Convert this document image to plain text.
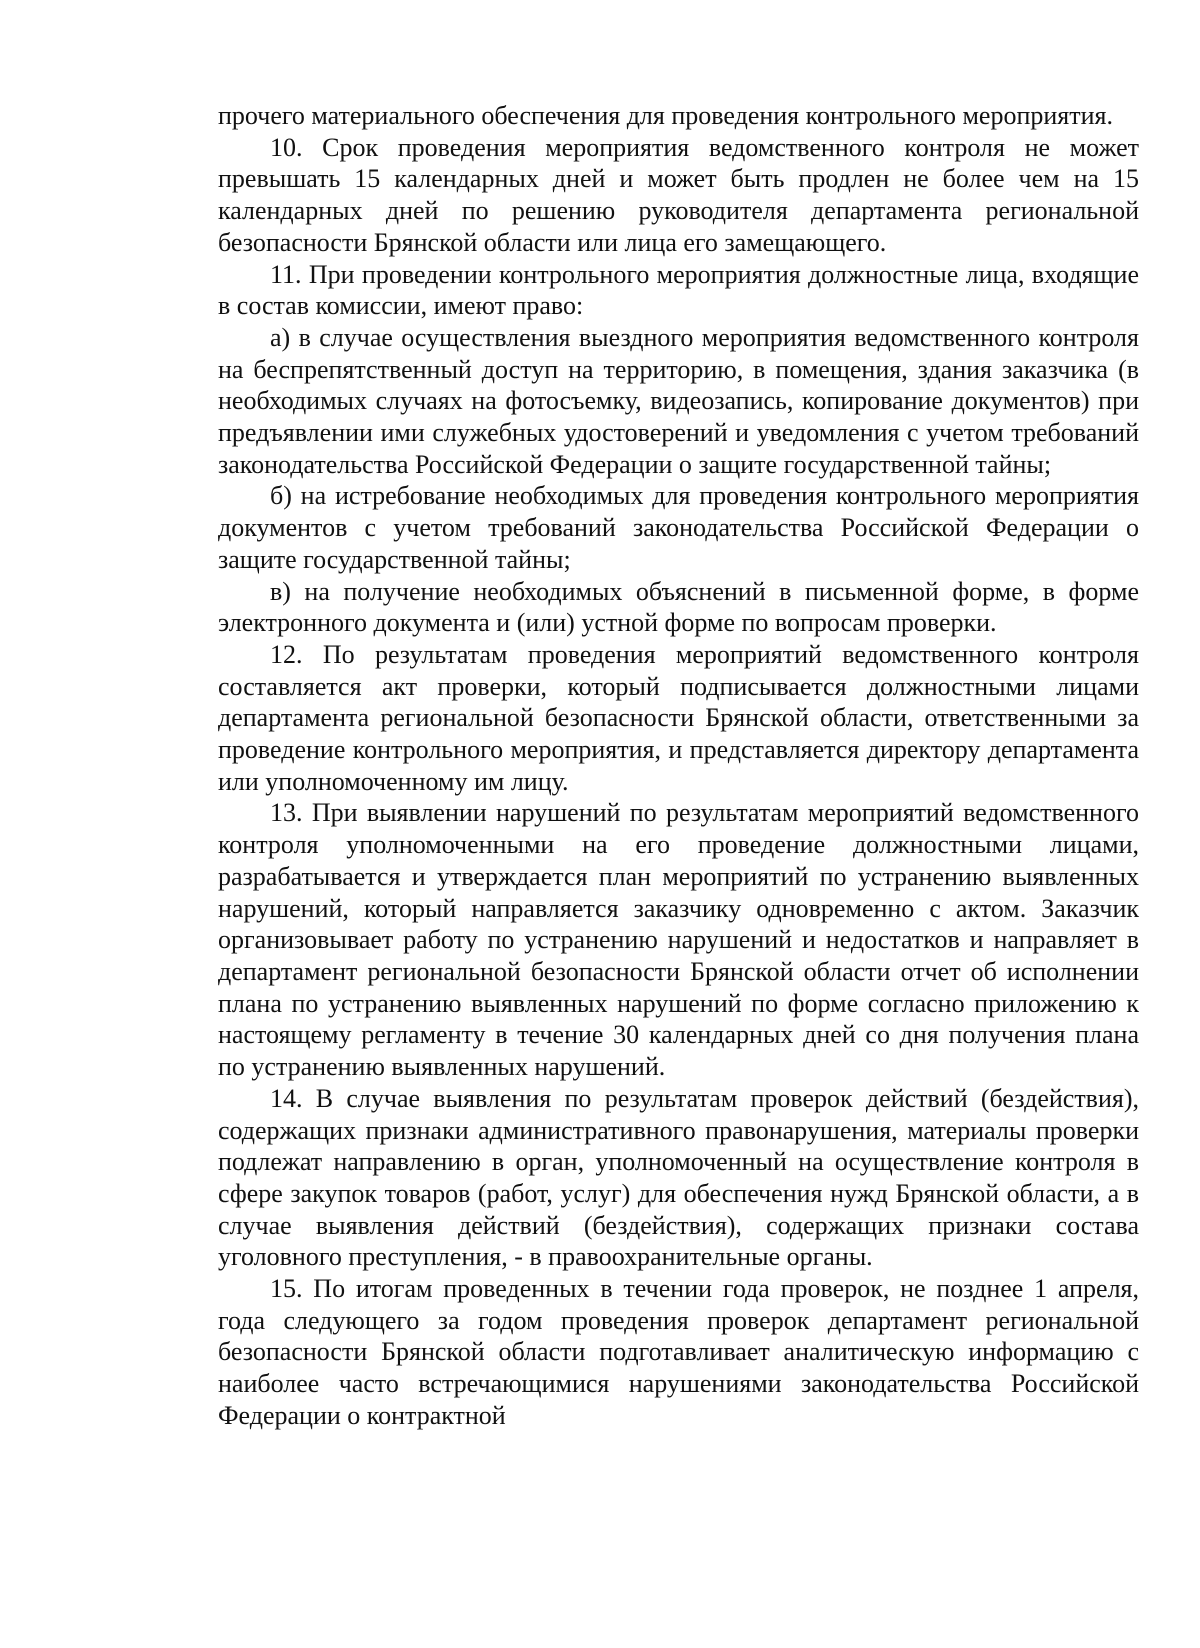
прочего материального обеспечения для проведения контрольного мероприятия.

10. Срок проведения мероприятия ведомственного контроля не может превышать 15 календарных дней и может быть продлен не более чем на 15 календарных дней по решению руководителя департамента региональной безопасности Брянской области или лица его замещающего.

11. При проведении контрольного мероприятия должностные лица, входящие в состав комиссии, имеют право:

а) в случае осуществления выездного мероприятия ведомственного контроля на беспрепятственный доступ на территорию, в помещения, здания заказчика (в необходимых случаях на фотосъемку, видеозапись, копирование документов) при предъявлении ими служебных удостоверений и уведомления с учетом требований законодательства Российской Федерации о защите государственной тайны;

б) на истребование необходимых для проведения контрольного мероприятия документов с учетом требований законодательства Российской Федерации о защите государственной тайны;

в) на получение необходимых объяснений в письменной форме, в форме электронного документа и (или) устной форме по вопросам проверки.

12. По результатам проведения мероприятий ведомственного контроля составляется акт проверки, который подписывается должностными лицами департамента региональной безопасности Брянской области, ответственными за проведение контрольного мероприятия, и представляется директору департамента или уполномоченному им лицу.

13. При выявлении нарушений по результатам мероприятий ведомственного контроля уполномоченными на его проведение должностными лицами, разрабатывается и утверждается план мероприятий по устранению выявленных нарушений, который направляется заказчику одновременно с актом. Заказчик организовывает работу по устранению нарушений и недостатков и направляет в департамент региональной безопасности Брянской области отчет об исполнении плана по устранению выявленных нарушений по форме согласно приложению к настоящему регламенту в течение 30 календарных дней со дня получения плана по устранению выявленных нарушений.

14. В случае выявления по результатам проверок действий (бездействия), содержащих признаки административного правонарушения, материалы проверки подлежат направлению в орган, уполномоченный на осуществление контроля в сфере закупок товаров (работ, услуг) для обеспечения нужд Брянской области, а в случае выявления действий (бездействия), содержащих признаки состава уголовного преступления, - в правоохранительные органы.

15. По итогам проведенных в течении года проверок, не позднее 1 апреля, года следующего за годом проведения проверок департамент региональной безопасности Брянской области подготавливает аналитическую информацию с наиболее часто встречающимися нарушениями законодательства Российской Федерации о контрактной
